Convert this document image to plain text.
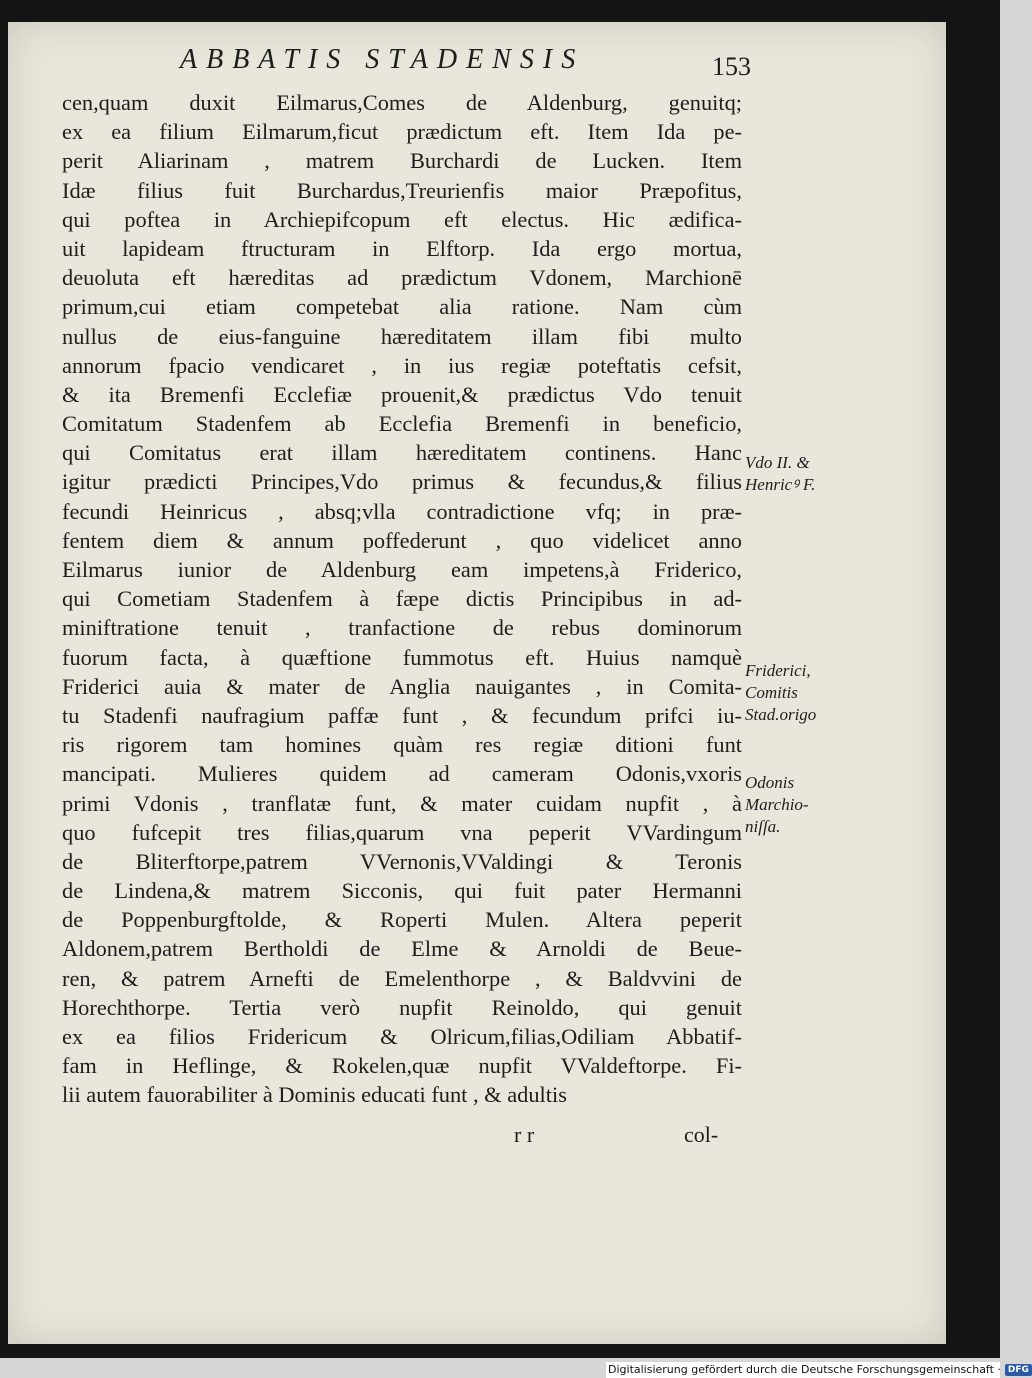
ABBATIS STADENSIS	153
cen,quam duxit Eilmarus,Comes de Aldenburg, genuitq;
ex ea filium Eilmarum,ficut prædictum eft. Item Ida pe-
perit Aliarinam , matrem Burchardi de Lucken. Item
Idæ filius fuit Burchardus,Treurienfis maior Præpofitus,
qui poftea in Archiepifcopum eft electus. Hic ædifica-
uit lapideam ftructuram in Elftorp. Ida ergo mortua,
deuoluta eft hæreditas ad prædictum Vdonem, Marchionē
primum,cui etiam competebat alia ratione. Nam cùm
nullus de eius-fanguine hæreditatem illam fibi multo
annorum fpacio vendicaret , in ius regiæ poteftatis cefsit,
& ita Bremenfi Ecclefiæ prouenit,& prædictus Vdo tenuit
Comitatum Stadenfem ab Ecclefia Bremenfi in beneficio,
qui Comitatus erat illam hæreditatem continens. Hanc
igitur prædicti Principes,Vdo primus & fecundus,& filius
fecundi Heinricus , absq;vlla contradictione vfq; in præ-
fentem diem & annum poffederunt , quo videlicet anno
Eilmarus iunior de Aldenburg eam impetens,à Friderico,
qui Cometiam Stadenfem à fæpe dictis Principibus in ad-
miniftratione tenuit , tranfactione de rebus dominorum
fuorum facta, à quæftione fummotus eft. Huius namquè
Friderici auia & mater de Anglia nauigantes , in Comita-
tu Stadenfi naufragium paffæ funt , & fecundum prifci iu-
ris rigorem tam homines quàm res regiæ ditioni funt
mancipati. Mulieres quidem ad cameram Odonis,vxoris
primi Vdonis , tranflatæ funt, & mater cuidam nupfit , à
quo fufcepit tres filias,quarum vna peperit VVardingum
de Bliterftorpe,patrem VVernonis,VValdingi & Teronis
de Lindena,& matrem Sicconis, qui fuit pater Hermanni
de Poppenburgftolde, & Roperti Mulen. Altera peperit
Aldonem,patrem Bertholdi de Elme & Arnoldi de Beue-
ren, & patrem Arnefti de Emelenthorpe , & Baldvvini de
Horechthorpe. Tertia verò nupfit Reinoldo, qui genuit
ex ea filios Fridericum & Olricum,filias,Odiliam Abbatif-
fam in Heflinge, & Rokelen,quæ nupfit VValdeftorpe. Fi-
lii autem fauorabiliter à Dominis educati funt , & adultis
Vdo II. &
Henricꝰ F.
Friderici,
Comitis
Stad.origo
Odonis
Marchio-
niſſa.
r r	col-
Digitalisierung gefördert durch die Deutsche Forschungsgemeinschaft · DFG
